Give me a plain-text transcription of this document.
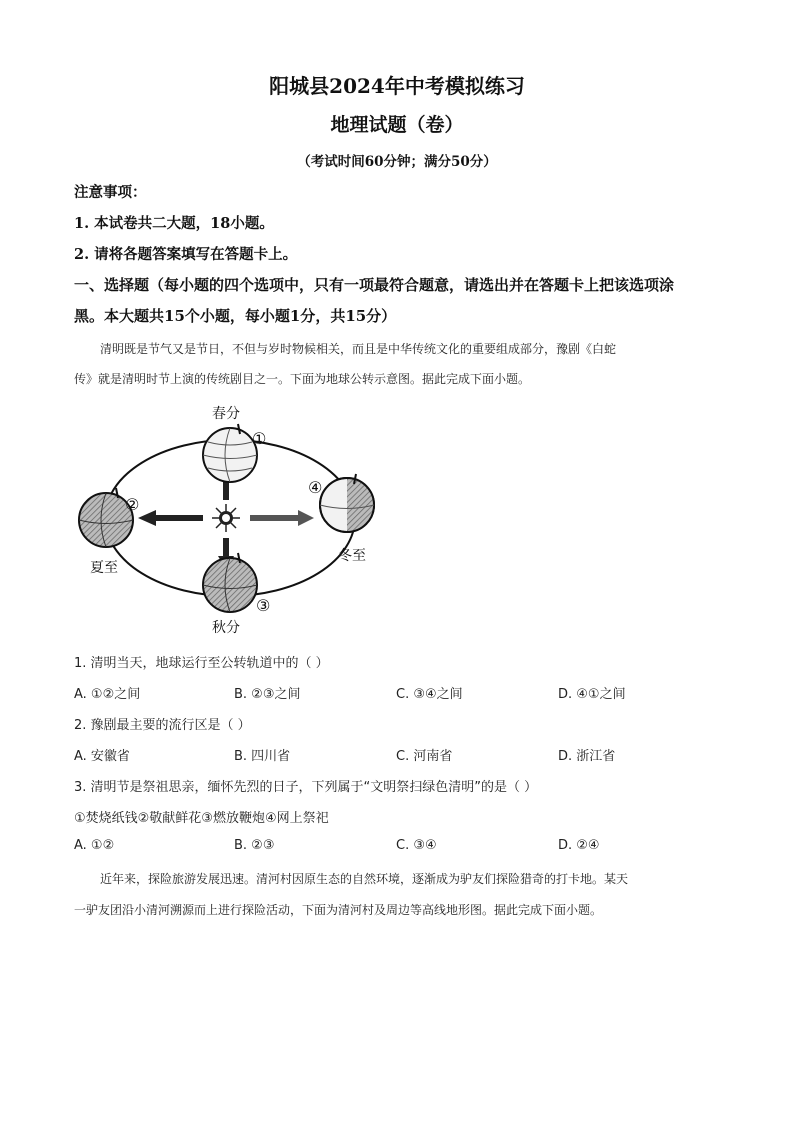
阳城县2024年中考模拟练习
地理试题（卷）
（考试时间60分钟；满分50分）
注意事项：
1. 本试卷共二大题，18小题。
2. 请将各题答案填写在答题卡上。
一、选择题（每小题的四个选项中，只有一项最符合题意，请选出并在答题卡上把该选项涂
黑。本大题共15个小题，每小题1分，共15分）
清明既是节气又是节日，不但与岁时物候相关，而且是中华传统文化的重要组成部分，豫剧《白蛇
传》就是清明时节上演的传统剧目之一。下面为地球公转示意图。据此完成下面小题。
春分
①
夏至
②
③
秋分
④
冬至
1. 清明当天，地球运行至公转轨道中的（ ）
A. ①②之间	B. ②③之间	C. ③④之间	D. ④①之间
2. 豫剧最主要的流行区是（ ）
A. 安徽省	B. 四川省	C. 河南省	D. 浙江省
3. 清明节是祭祖思亲，缅怀先烈的日子，下列属于“文明祭扫绿色清明”的是（ ）
①焚烧纸钱②敬献鲜花③燃放鞭炮④网上祭祀
A. ①②	B. ②③	C. ③④	D. ②④
近年来，探险旅游发展迅速。清河村因原生态的自然环境，逐渐成为驴友们探险猎奇的打卡地。某天
一驴友团沿小清河溯源而上进行探险活动，下面为清河村及周边等高线地形图。据此完成下面小题。
